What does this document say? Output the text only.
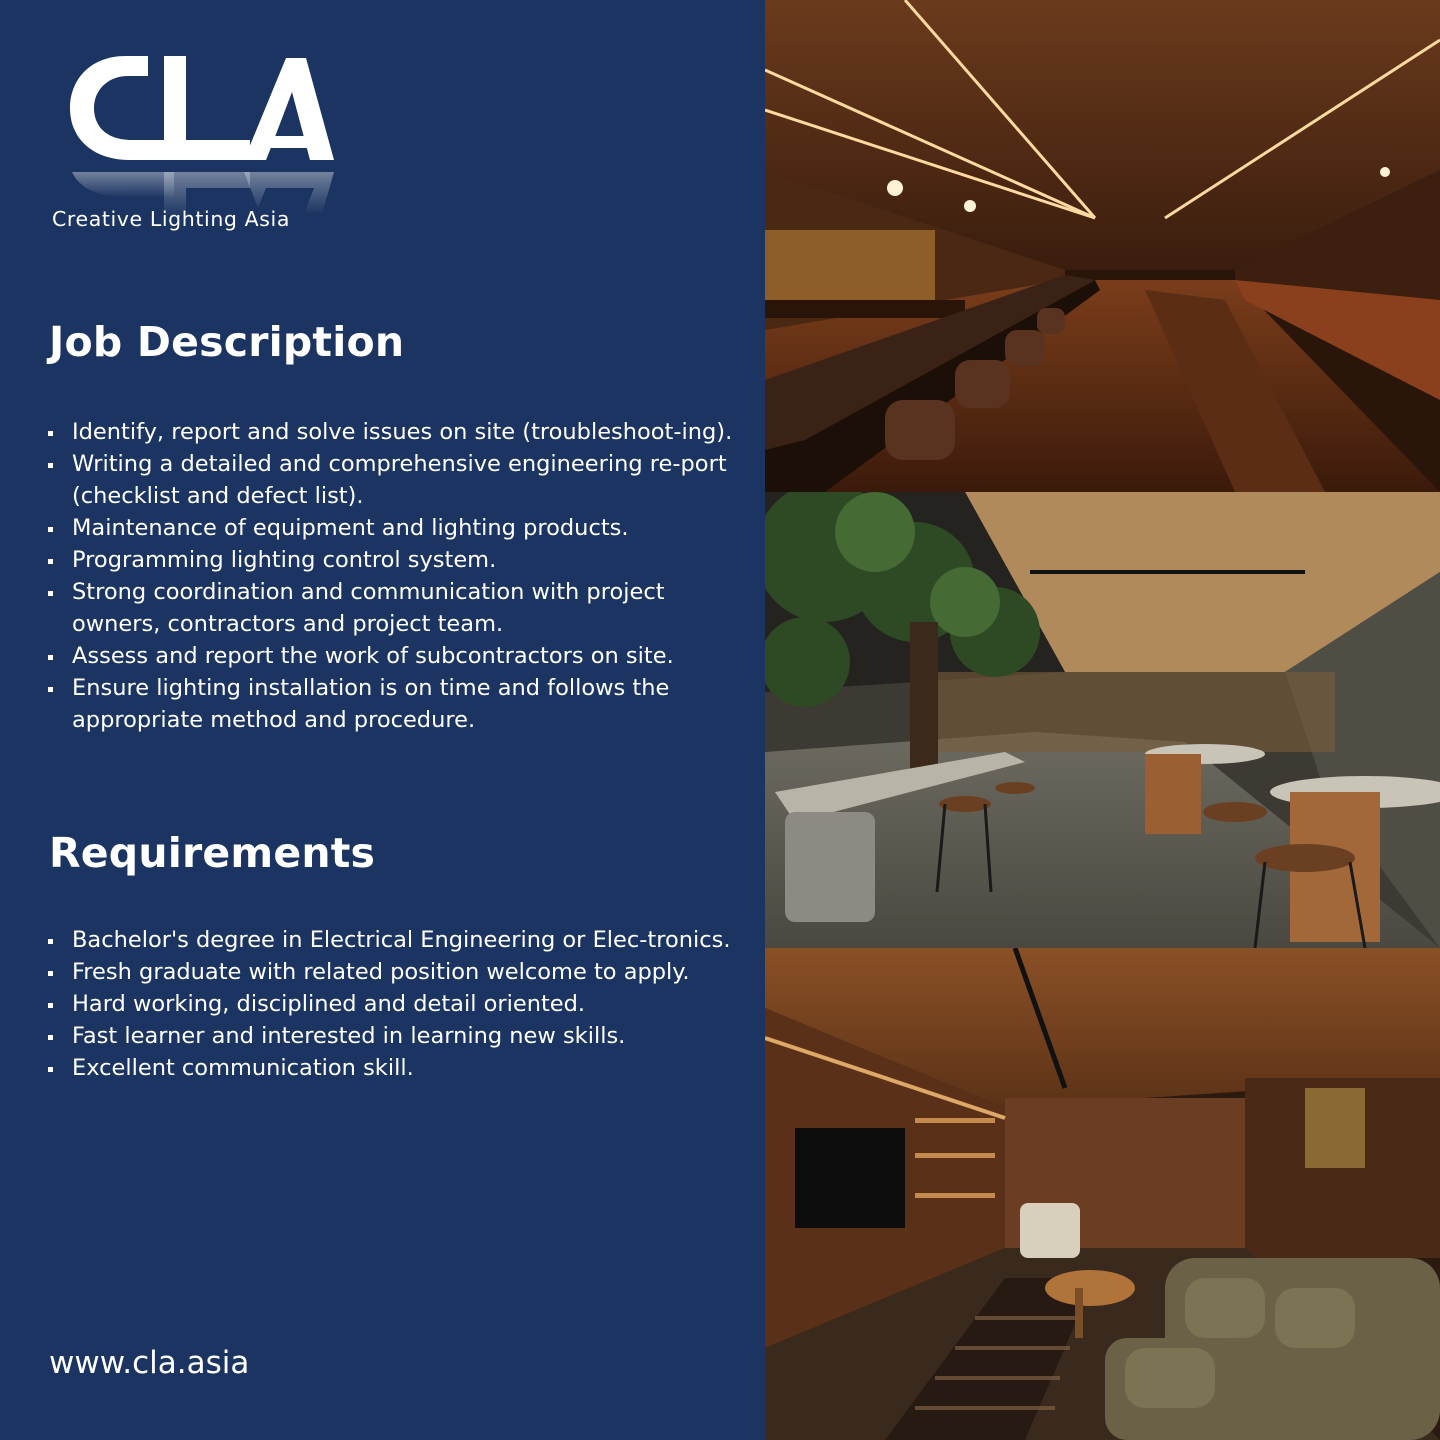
Creative Lighting Asia
Job Description
Identify, report and solve issues on site (troubleshoot-ing).
Writing a detailed and comprehensive engineering re-port (checklist and defect list).
Maintenance of equipment and lighting products.
Programming lighting control system.
Strong coordination and communication with project owners, contractors and project team.
Assess and report the work of subcontractors on site.
Ensure lighting installation is on time and follows the appropriate method and procedure.
Requirements
Bachelor's degree in Electrical Engineering or Elec-tronics.
Fresh graduate with related position welcome to apply.
Hard working, disciplined and detail oriented.
Fast learner and interested in learning new skills.
Excellent communication skill.
www.cla.asia
